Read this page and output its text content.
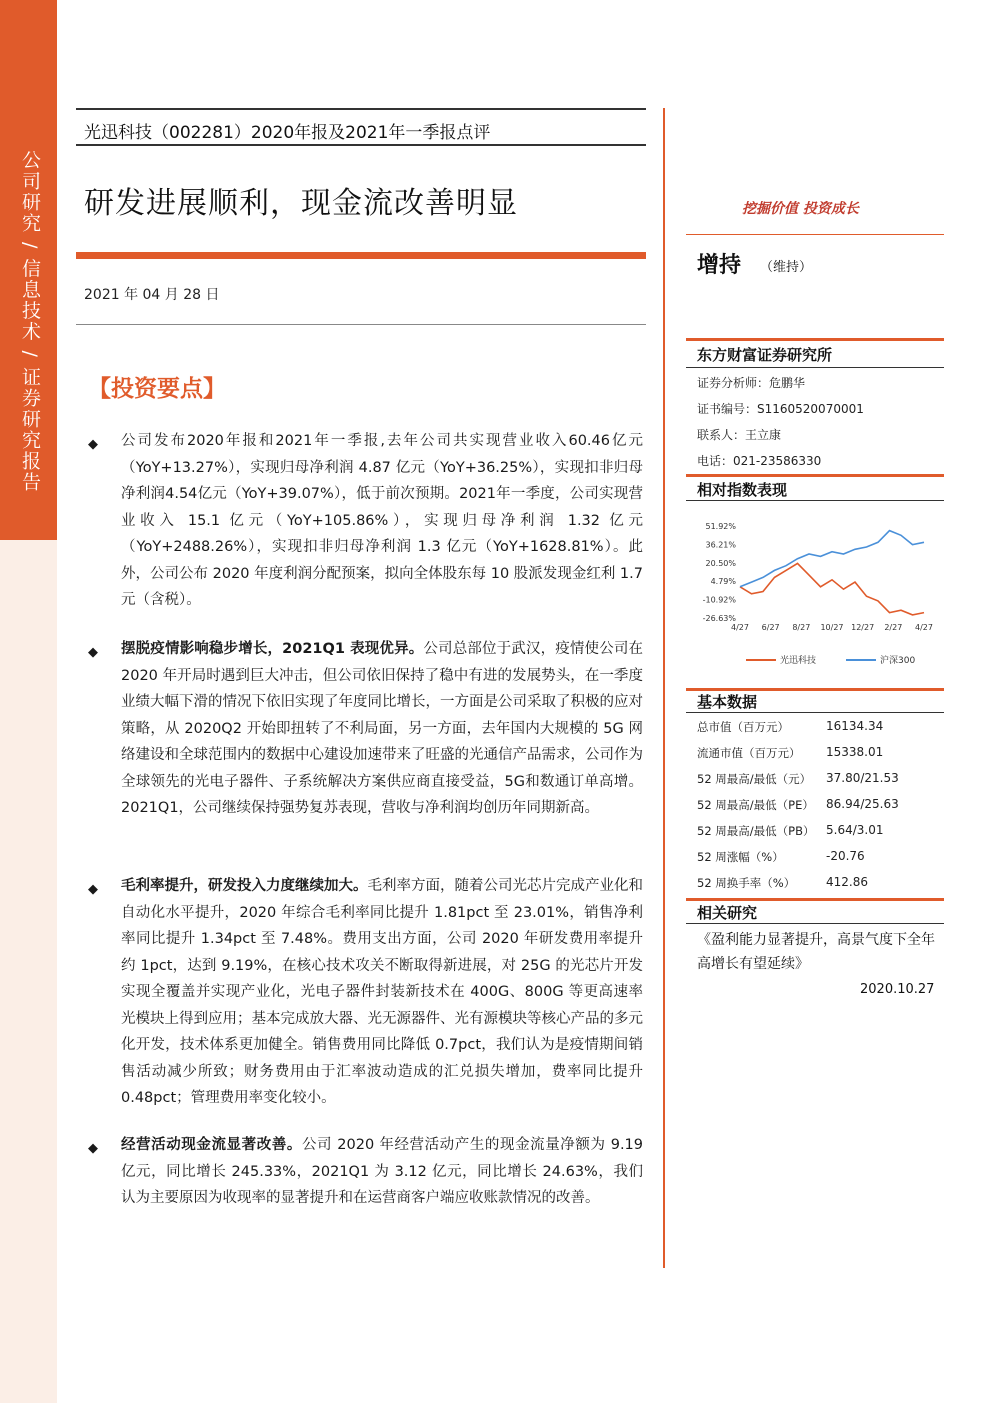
公司研究 / 信息技术 / 证券研究报告
光迅科技（002281）2020年报及2021年一季报点评
研发进展顺利，现金流改善明显
2021 年 04 月 28 日
【投资要点】
◆ 公司发布2020年报和2021年一季报,去年公司共实现营业收入60.46亿元（YoY+13.27%），实现归母净利润 4.87 亿元（YoY+36.25%），实现扣非归母净利润4.54亿元（YoY+39.07%），低于前次预期。2021年一季度，公司实现营业收入 15.1 亿元（YoY+105.86%），实现归母净利润 1.32 亿元（YoY+2488.26%），实现扣非归母净利润 1.3 亿元（YoY+1628.81%）。此外，公司公布 2020 年度利润分配预案，拟向全体股东每 10 股派发现金红利 1.7 元（含税）。
◆ 摆脱疫情影响稳步增长，2021Q1 表现优异。公司总部位于武汉，疫情使公司在 2020 年开局时遇到巨大冲击，但公司依旧保持了稳中有进的发展势头，在一季度业绩大幅下滑的情况下依旧实现了年度同比增长，一方面是公司采取了积极的应对策略，从 2020Q2 开始即扭转了不利局面，另一方面，去年国内大规模的 5G 网络建设和全球范围内的数据中心建设加速带来了旺盛的光通信产品需求，公司作为全球领先的光电子器件、子系统解决方案供应商直接受益，5G和数通订单高增。2021Q1，公司继续保持强势复苏表现，营收与净利润均创历年同期新高。
◆ 毛利率提升，研发投入力度继续加大。毛利率方面，随着公司光芯片完成产业化和自动化水平提升，2020 年综合毛利率同比提升 1.81pct 至 23.01%，销售净利率同比提升 1.34pct 至 7.48%。费用支出方面，公司 2020 年研发费用率提升约 1pct，达到 9.19%，在核心技术攻关不断取得新进展，对 25G 的光芯片开发实现全覆盖并实现产业化，光电子器件封装新技术在 400G、800G 等更高速率光模块上得到应用；基本完成放大器、光无源器件、光有源模块等核心产品的多元化开发，技术体系更加健全。销售费用同比降低 0.7pct，我们认为是疫情期间销售活动减少所致；财务费用由于汇率波动造成的汇兑损失增加，费率同比提升 0.48pct；管理费用率变化较小。
◆ 经营活动现金流显著改善。公司 2020 年经营活动产生的现金流量净额为 9.19 亿元，同比增长 245.33%，2021Q1 为 3.12 亿元，同比增长 24.63%，我们认为主要原因为收现率的显著提升和在运营商客户端应收账款情况的改善。
挖掘价值 投资成长
增持 （维持）
东方财富证券研究所
证券分析师：危鹏华
证书编号：S1160520070001
联系人：王立康
电话：021-23586330
相对指数表现
51.92%
36.21%
20.50%
4.79%
-10.92%
-26.63%
4/27 6/27 8/27 10/27 12/27 2/27 4/27
光迅科技	沪深300
基本数据
总市值（百万元）	16134.34
流通市值（百万元） 15338.01
52 周最高/最低（元） 37.80/21.53
52 周最高/最低（PE） 86.94/25.63
52 周最高/最低（PB） 5.64/3.01
52 周涨幅（%）	-20.76
52 周换手率（%）	412.86
相关研究
《盈利能力显著提升，高景气度下全年高增长有望延续》
2020.10.27
